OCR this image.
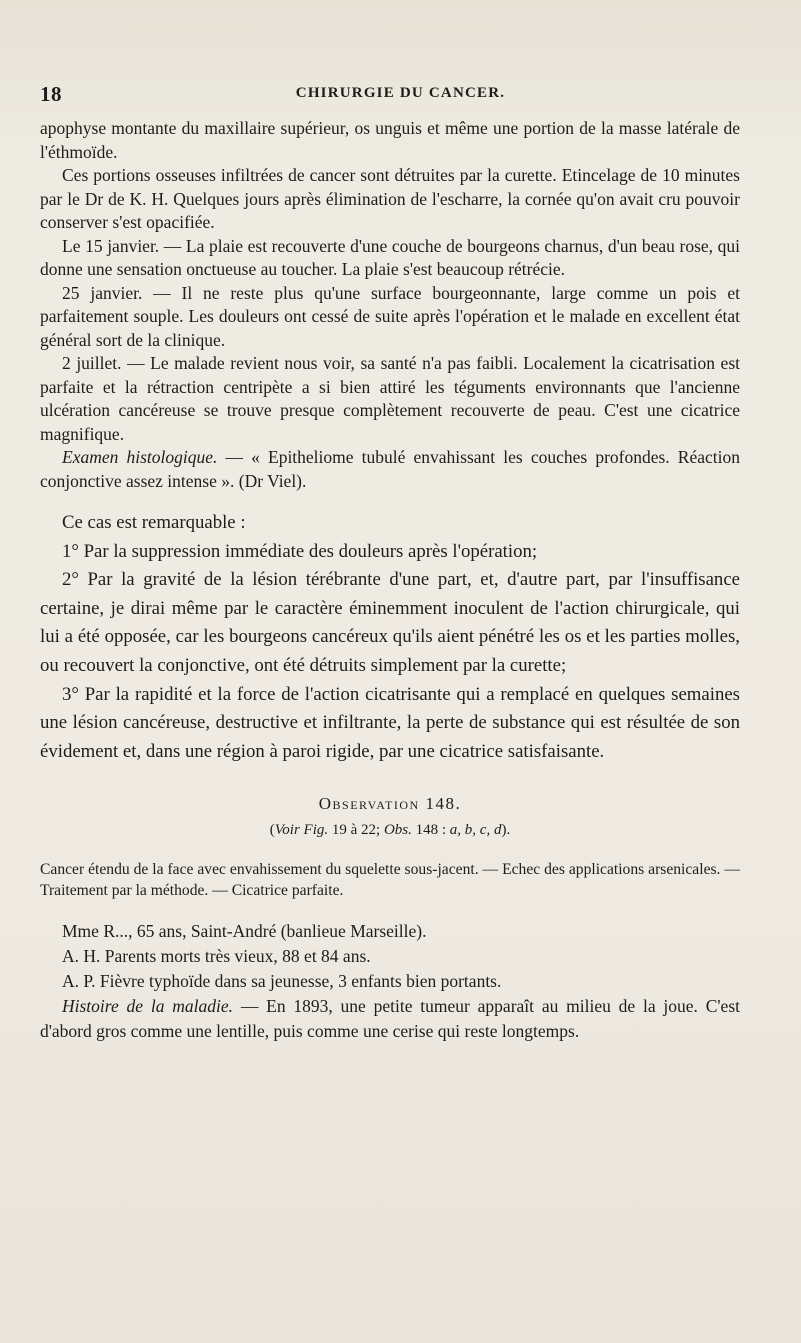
18	CHIRURGIE DU CANCER.

apophyse montante du maxillaire supérieur, os unguis et même une portion de la masse latérale de l'éthmoïde.

Ces portions osseuses infiltrées de cancer sont détruites par la curette. Etincelage de 10 minutes par le Dr de K. H. Quelques jours après élimination de l'escharre, la cornée qu'on avait cru pouvoir conserver s'est opacifiée.

Le 15 janvier. — La plaie est recouverte d'une couche de bourgeons charnus, d'un beau rose, qui donne une sensation onctueuse au toucher. La plaie s'est beaucoup rétrécie.

25 janvier. — Il ne reste plus qu'une surface bourgeonnante, large comme un pois et parfaitement souple. Les douleurs ont cessé de suite après l'opération et le malade en excellent état général sort de la clinique.

2 juillet. — Le malade revient nous voir, sa santé n'a pas faibli. Localement la cicatrisation est parfaite et la rétraction centripète a si bien attiré les téguments environnants que l'ancienne ulcération cancéreuse se trouve presque complètement recouverte de peau. C'est une cicatrice magnifique.

Examen histologique. — « Epitheliome tubulé envahissant les couches profondes. Réaction conjonctive assez intense ». (Dr Viel).

Ce cas est remarquable :

1° Par la suppression immédiate des douleurs après l'opération;

2° Par la gravité de la lésion térébrante d'une part, et, d'autre part, par l'insuffisance certaine, je dirai même par le caractère éminemment inoculent de l'action chirurgicale, qui lui a été opposée, car les bourgeons cancéreux qu'ils aient pénétré les os et les parties molles, ou recouvert la conjonctive, ont été détruits simplement par la curette;

3° Par la rapidité et la force de l'action cicatrisante qui a remplacé en quelques semaines une lésion cancéreuse, destructive et infiltrante, la perte de substance qui est résultée de son évidement et, dans une région à paroi rigide, par une cicatrice satisfaisante.

Observation 148.

(Voir Fig. 19 à 22; Obs. 148 : a, b, c, d).

Cancer étendu de la face avec envahissement du squelette sous-jacent. — Echec des applications arsenicales. — Traitement par la méthode. — Cicatrice parfaite.

Mme R..., 65 ans, Saint-André (banlieue Marseille).

A. H. Parents morts très vieux, 88 et 84 ans.

A. P. Fièvre typhoïde dans sa jeunesse, 3 enfants bien portants.

Histoire de la maladie. — En 1893, une petite tumeur apparaît au milieu de la joue. C'est d'abord gros comme une lentille, puis comme une cerise qui reste longtemps.
